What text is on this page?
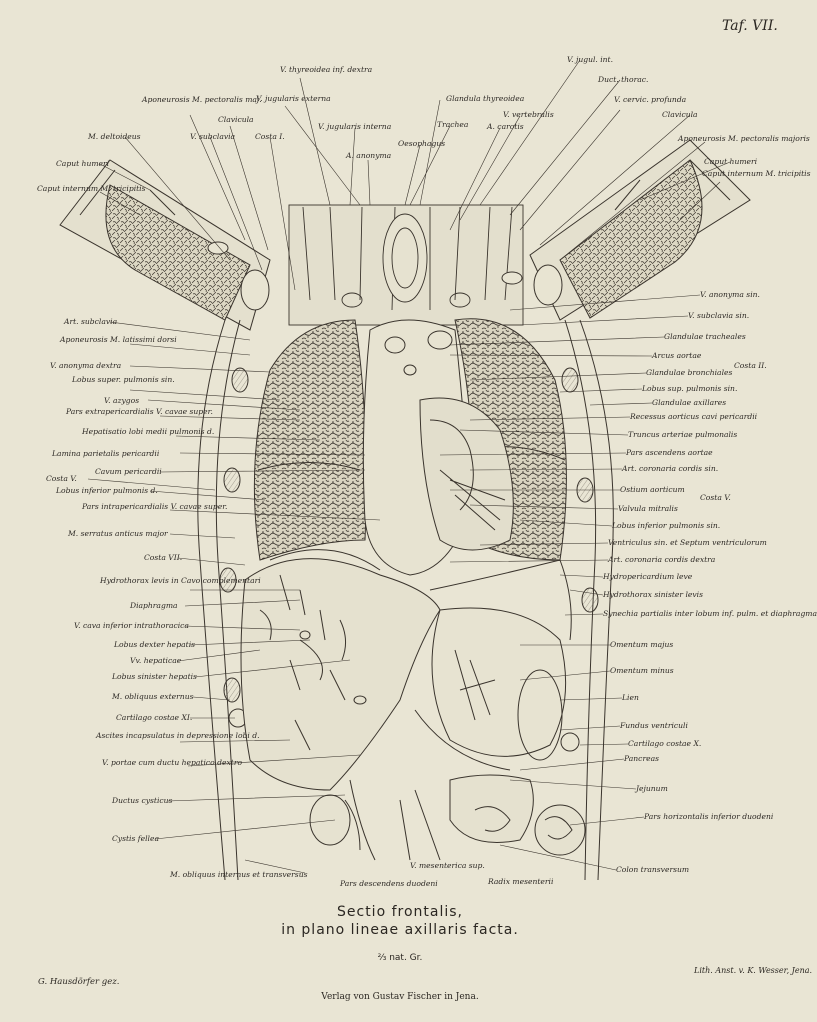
Taf. VII.
Sectio frontalis,
in plano lineae axillaris facta.
⅔ nat. Gr.
G. Hausdörfer gez.
Lith. Anst. v. K. Wesser, Jena.
Verlag von Gustav Fischer in Jena.
V. thyreoidea inf. dextra
V. jugularis externa
Aponeurosis M. pectoralis maj.
Clavicula
M. deltoideus	V. subclavia	Costa I.
V. jugularis interna
A. anonyma
Caput humeri
Caput internum M. tricipitis
Glandula thyreoidea
Trachea
Oesophagus
V. vertebralis
A. carotis
V. jugul. int.
Duct. thorac.
V. cervic. profunda
Clavicula
Aponeurosis M. pectoralis majoris
Caput humeri
Caput internum M. tricipitis
Art. subclavia
Aponeurosis M. latissimi dorsi
V. anonyma dextra
Lobus super. pulmonis sin.
V. azygos
Pars extrapericardialis V. cavae super.
Hepatisatio lobi medii pulmonis d.
Lamina parietalis pericardii
Cavum pericardii
Costa V.
Lobus inferior pulmonis d.
Pars intrapericardialis V. cavae super.
M. serratus anticus major
Costa VII.
Hydrothorax levis in Cavo complementari
Diaphragma
V. cava inferior intrathoracica
Lobus dexter hepatis
Vv. hepaticae
Lobus sinister hepatis
M. obliquus externus
Cartilago costae XI.
Ascites incapsulatus in depressione lobi d.
V. portae cum ductu hepatico dextro
Ductus cysticus
Cystis fellea
M. obliquus internus et transversus
V. anonyma sin.
V. subclavia sin.
Glandulae tracheales
Arcus aortae
Costa II.
Glandulae bronchiales
Lobus sup. pulmonis sin.
Glandulae axillares
Recessus aorticus cavi pericardii
Truncus arteriae pulmonalis
Pars ascendens aortae
Art. coronaria cordis sin.
Ostium aorticum
Costa V.
Valvula mitralis
Lobus inferior pulmonis sin.
Ventriculus sin. et Septum ventriculorum
Art. coronaria cordis dextra
Hydropericardium leve
Hydrothorax sinister levis
Synechia partialis inter lobum inf. pulm. et diaphragma
Omentum majus
Omentum minus
Lien
Fundus ventriculi
Cartilago costae X.
Pancreas
Jejunum
Pars horizontalis inferior duodeni
Colon transversum
V. mesenterica sup.
Pars descendens duodeni	Radix mesenterii
